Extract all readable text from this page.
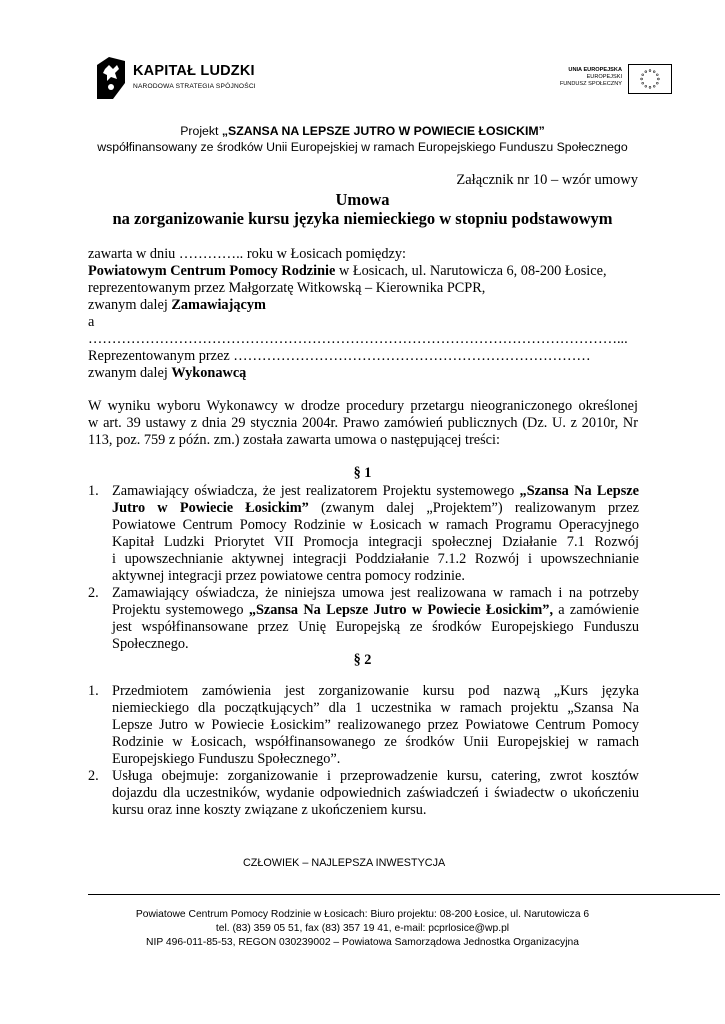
KAPITAŁ LUDZKI
NARODOWA STRATEGIA SPÓJNOŚCI
UNIA EUROPEJSKA
EUROPEJSKI
FUNDUSZ SPOŁECZNY
Projekt „SZANSA NA LEPSZE JUTRO W POWIECIE ŁOSICKIM”
współfinansowany ze środków Unii Europejskiej w ramach Europejskiego Funduszu Społecznego
Załącznik nr 10 – wzór umowy
Umowa
na zorganizowanie kursu języka niemieckiego w stopniu podstawowym
zawarta w dniu ………….. roku w Łosicach pomiędzy:
Powiatowym Centrum Pomocy Rodzinie w Łosicach, ul. Narutowicza 6, 08-200 Łosice,
reprezentowanym przez Małgorzatę Witkowską – Kierownika PCPR,
zwanym dalej Zamawiającym
a
…………………………………………………………………………………………………...
Reprezentowanym przez …………………………………………………………………
zwanym dalej Wykonawcą
W wyniku wyboru Wykonawcy w drodze procedury przetargu nieograniczonego określonej
w art. 39 ustawy z dnia 29 stycznia 2004r. Prawo zamówień publicznych (Dz. U. z 2010r, Nr
113, poz. 759 z późn. zm.) została zawarta umowa o następującej treści:
§ 1
1. Zamawiający oświadcza, że jest realizatorem Projektu systemowego „Szansa Na Lepsze
Jutro w Powiecie Łosickim” (zwanym dalej „Projektem”) realizowanym przez
Powiatowe Centrum Pomocy Rodzinie w Łosicach w ramach Programu Operacyjnego
Kapitał Ludzki Priorytet VII Promocja integracji społecznej Działanie 7.1 Rozwój
i upowszechnianie aktywnej integracji Poddziałanie 7.1.2 Rozwój i upowszechnianie
aktywnej integracji przez powiatowe centra pomocy rodzinie.
2. Zamawiający oświadcza, że niniejsza umowa jest realizowana w ramach i na potrzeby
Projektu systemowego „Szansa Na Lepsze Jutro w Powiecie Łosickim”, a zamówienie
jest współfinansowane przez Unię Europejską ze środków Europejskiego Funduszu
Społecznego.
§ 2
1. Przedmiotem zamówienia jest zorganizowanie kursu pod nazwą „Kurs języka
niemieckiego dla początkujących” dla 1 uczestnika w ramach projektu „Szansa Na
Lepsze Jutro w Powiecie Łosickim” realizowanego przez Powiatowe Centrum Pomocy
Rodzinie w Łosicach, współfinansowanego ze środków Unii Europejskiej w ramach
Europejskiego Funduszu Społecznego”.
2. Usługa obejmuje: zorganizowanie i przeprowadzenie kursu, catering, zwrot kosztów
dojazdu dla uczestników, wydanie odpowiednich zaświadczeń i świadectw o ukończeniu
kursu oraz inne koszty związane z ukończeniem kursu.
CZŁOWIEK – NAJLEPSZA INWESTYCJA
Powiatowe Centrum Pomocy Rodzinie w Łosicach: Biuro projektu: 08-200 Łosice, ul. Narutowicza 6
tel. (83) 359 05 51, fax (83) 357 19 41, e-mail: pcprlosice@wp.pl
NIP 496-011-85-53, REGON 030239002 – Powiatowa Samorządowa Jednostka Organizacyjna
